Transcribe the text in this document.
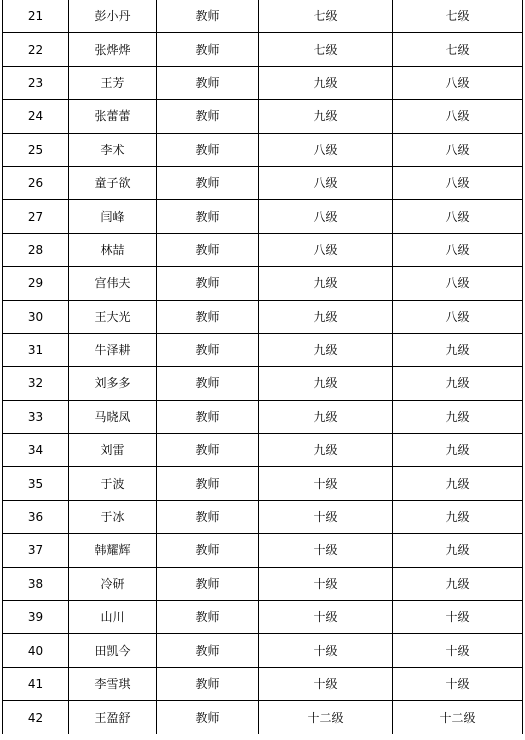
21	彭小丹	教师	七级	七级
22	张烨烨	教师	七级	七级
23	王芳	教师	九级	八级
24	张蕾蕾	教师	九级	八级
25	李术	教师	八级	八级
26	童子欲	教师	八级	八级
27	闫峰	教师	八级	八级
28	林喆	教师	八级	八级
29	宫伟夫	教师	九级	八级
30	王大光	教师	九级	八级
31	牛泽耕	教师	九级	九级
32	刘多多	教师	九级	九级
33	马晓凤	教师	九级	九级
34	刘雷	教师	九级	九级
35	于波	教师	十级	九级
36	于冰	教师	十级	九级
37	韩耀辉	教师	十级	九级
38	冷研	教师	十级	九级
39	山川	教师	十级	十级
40	田凯今	教师	十级	十级
41	李雪琪	教师	十级	十级
42	王盈舒	教师	十二级	十二级
